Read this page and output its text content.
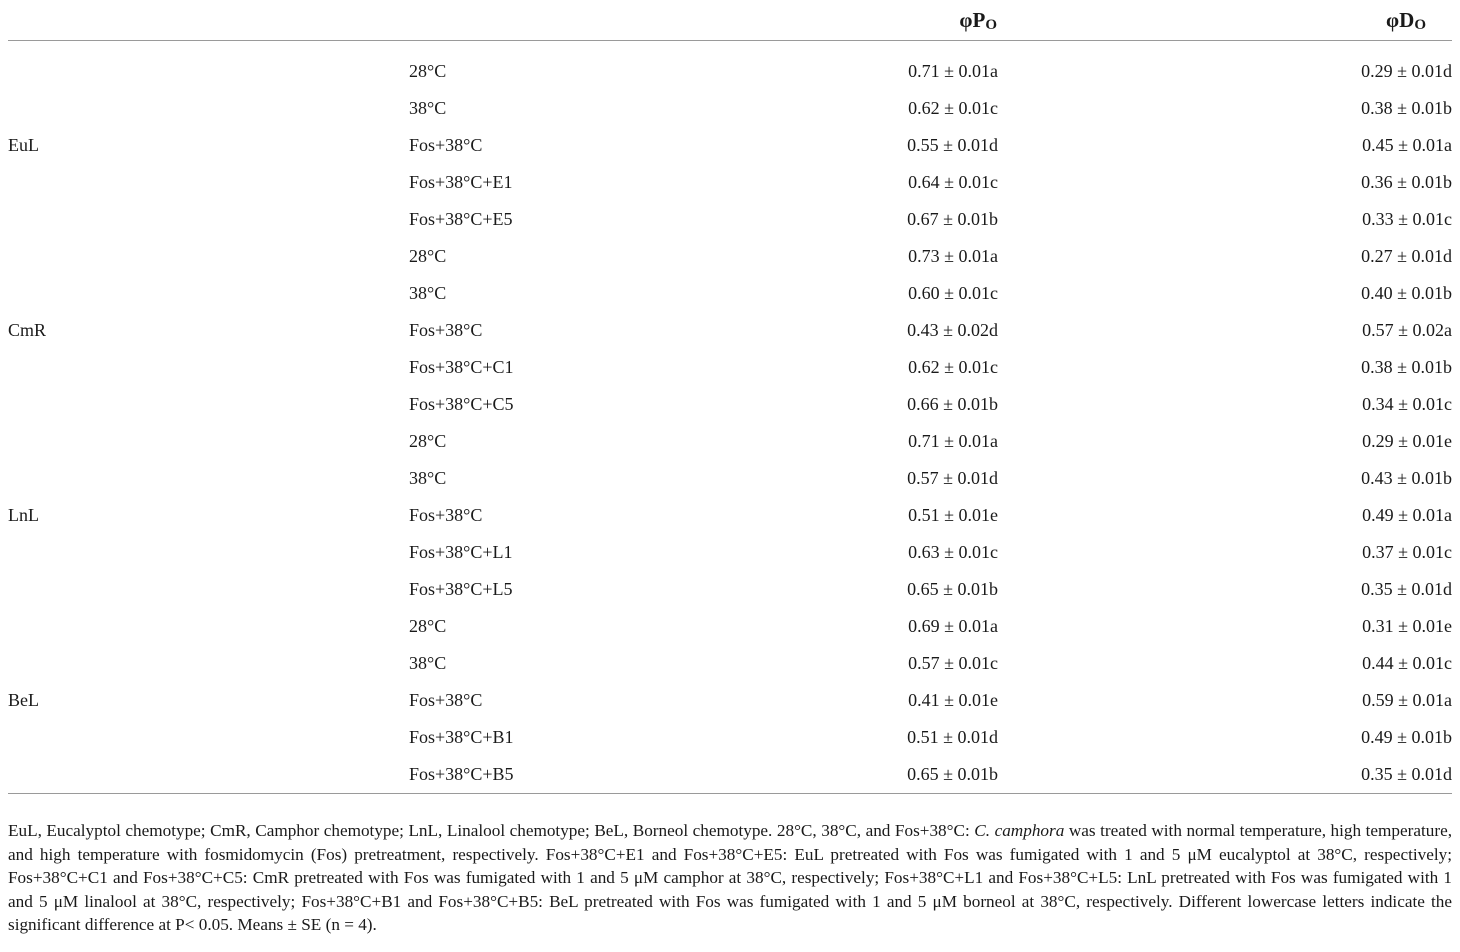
		$\varphi P_O$	$\varphi D_O$

EuL	28°C	0.71 ± 0.01a	0.29 ± 0.01d
	38°C	0.62 ± 0.01c	0.38 ± 0.01b
	Fos+38°C	0.55 ± 0.01d	0.45 ± 0.01a
	Fos+38°C+E1	0.64 ± 0.01c	0.36 ± 0.01b
	Fos+38°C+E5	0.67 ± 0.01b	0.33 ± 0.01c
CmR	28°C	0.73 ± 0.01a	0.27 ± 0.01d
	38°C	0.60 ± 0.01c	0.40 ± 0.01b
	Fos+38°C	0.43 ± 0.02d	0.57 ± 0.02a
	Fos+38°C+C1	0.62 ± 0.01c	0.38 ± 0.01b
	Fos+38°C+C5	0.66 ± 0.01b	0.34 ± 0.01c
LnL	28°C	0.71 ± 0.01a	0.29 ± 0.01e
	38°C	0.57 ± 0.01d	0.43 ± 0.01b
	Fos+38°C	0.51 ± 0.01e	0.49 ± 0.01a
	Fos+38°C+L1	0.63 ± 0.01c	0.37 ± 0.01c
	Fos+38°C+L5	0.65 ± 0.01b	0.35 ± 0.01d
BeL	28°C	0.69 ± 0.01a	0.31 ± 0.01e
	38°C	0.57 ± 0.01c	0.44 ± 0.01c
	Fos+38°C	0.41 ± 0.01e	0.59 ± 0.01a
	Fos+38°C+B1	0.51 ± 0.01d	0.49 ± 0.01b
	Fos+38°C+B5	0.65 ± 0.01b	0.35 ± 0.01d
EuL, Eucalyptol chemotype; CmR, Camphor chemotype; LnL, Linalool chemotype; BeL, Borneol chemotype. 28°C, 38°C, and Fos+38°C: C. camphora was treated with normal temperature, high temperature, and high temperature with fosmidomycin (Fos) pretreatment, respectively. Fos+38°C+E1 and Fos+38°C+E5: EuL pretreated with Fos was fumigated with 1 and 5 μM eucalyptol at 38°C, respectively; Fos+38°C+C1 and Fos+38°C+C5: CmR pretreated with Fos was fumigated with 1 and 5 μM camphor at 38°C, respectively; Fos+38°C+L1 and Fos+38°C+L5: LnL pretreated with Fos was fumigated with 1 and 5 μM linalool at 38°C, respectively; Fos+38°C+B1 and Fos+38°C+B5: BeL pretreated with Fos was fumigated with 1 and 5 μM borneol at 38°C, respectively. Different lowercase letters indicate the significant difference at P< 0.05. Means ± SE (n = 4).
